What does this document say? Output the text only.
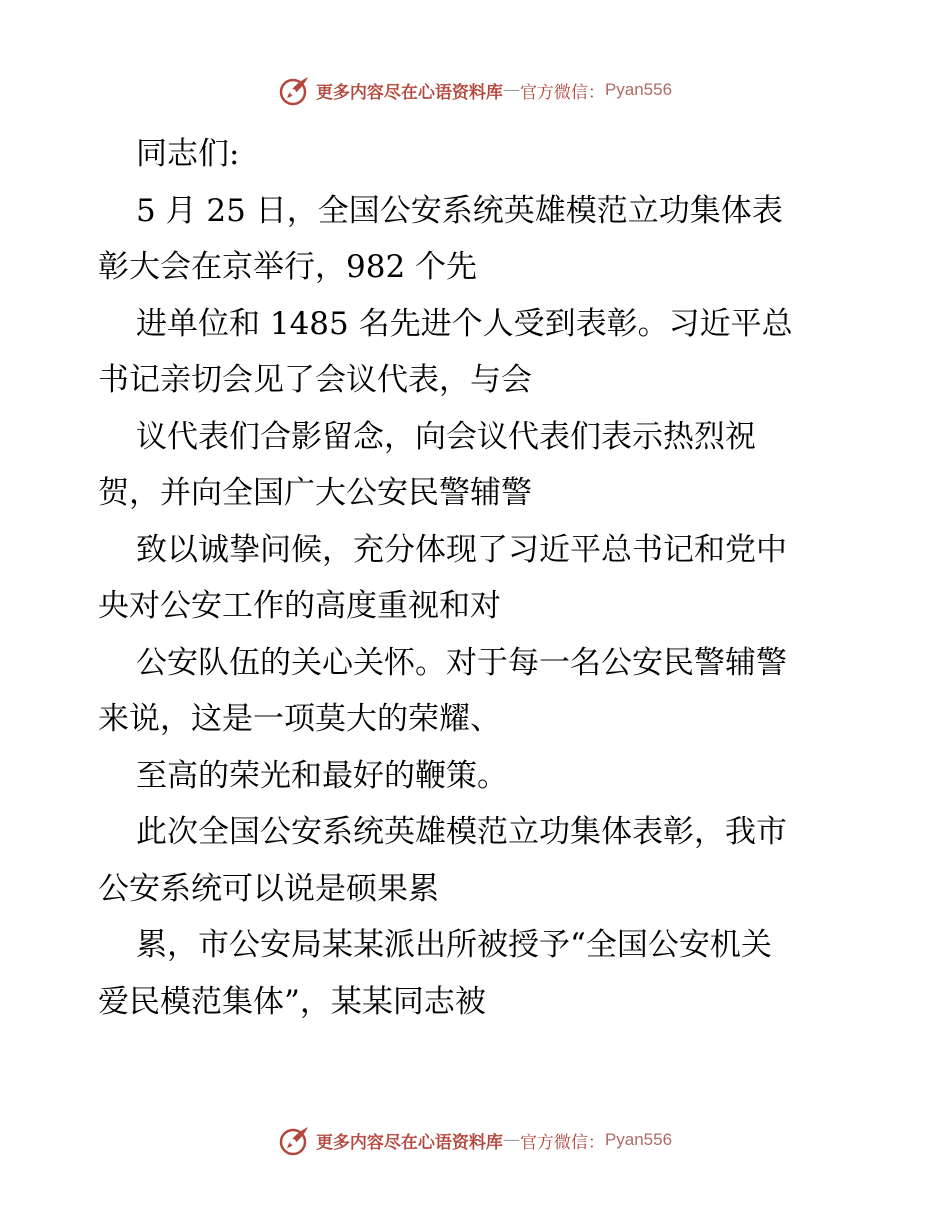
更多内容尽在心语资料库 — 官方微信： Pyan556

同志们:

5 月 25 日，全国公安系统英雄模范立功集体表

彰大会在京举行，982 个先

进单位和 1485 名先进个人受到表彰。习近平总

书记亲切会见了会议代表，与会

议代表们合影留念，向会议代表们表示热烈祝

贺，并向全国广大公安民警辅警

致以诚挚问候，充分体现了习近平总书记和党中

央对公安工作的高度重视和对

公安队伍的关心关怀。对于每一名公安民警辅警

来说，这是一项莫大的荣耀、

至高的荣光和最好的鞭策。

此次全国公安系统英雄模范立功集体表彰，我市

公安系统可以说是硕果累

累，市公安局某某派出所被授予“全国公安机关

爱民模范集体”，某某同志被

更多内容尽在心语资料库 — 官方微信： Pyan556
